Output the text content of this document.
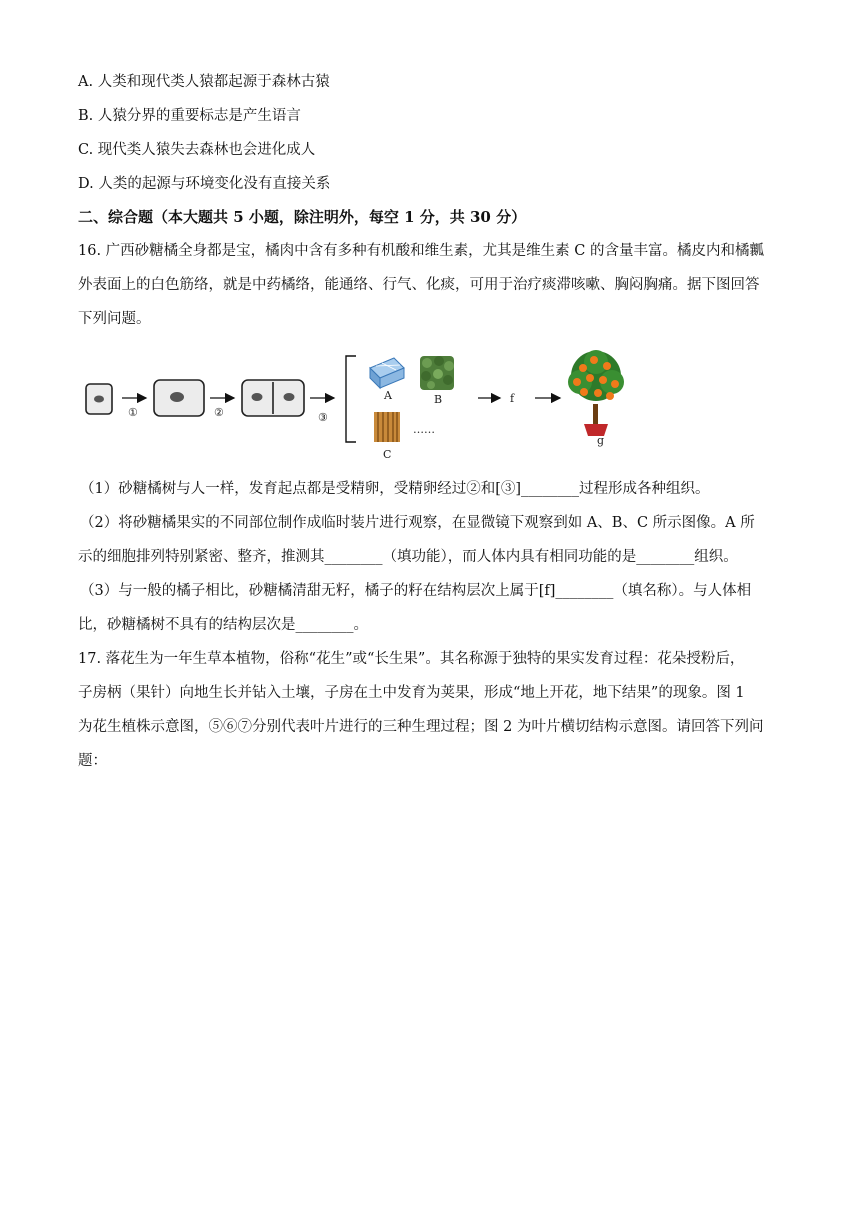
A. 人类和现代类人猿都起源于森林古猿
B. 人猿分界的重要标志是产生语言
C. 现代类人猿失去森林也会进化成人
D. 人类的起源与环境变化没有直接关系
二、综合题（本大题共 5 小题，除注明外，每空 1 分，共 30 分）
16. 广西砂糖橘全身都是宝，橘肉中含有多种有机酸和维生素，尤其是维生素 C 的含量丰富。橘皮内和橘瓤
外表面上的白色筋络，就是中药橘络，能通络、行气、化痰，可用于治疗痰滞咳嗽、胸闷胸痛。据下图回答
下列问题。
①	②	③
A	B
C
……
f
g
（1）砂糖橘树与人一样，发育起点都是受精卵，受精卵经过②和[③]________过程形成各种组织。
（2）将砂糖橘果实的不同部位制作成临时装片进行观察，在显微镜下观察到如 A、B、C 所示图像。A 所
示的细胞排列特别紧密、整齐，推测其________（填功能），而人体内具有相同功能的是________组织。
（3）与一般的橘子相比，砂糖橘清甜无籽，橘子的籽在结构层次上属于[f]________（填名称）。与人体相
比，砂糖橘树不具有的结构层次是________。
17. 落花生为一年生草本植物，俗称“花生”或“长生果”。其名称源于独特的果实发育过程：花朵授粉后，
子房柄（果针）向地生长并钻入土壤，子房在土中发育为荚果，形成“地上开花，地下结果”的现象。图 1
为花生植株示意图，⑤⑥⑦分别代表叶片进行的三种生理过程；图 2 为叶片横切结构示意图。请回答下列问
题：
